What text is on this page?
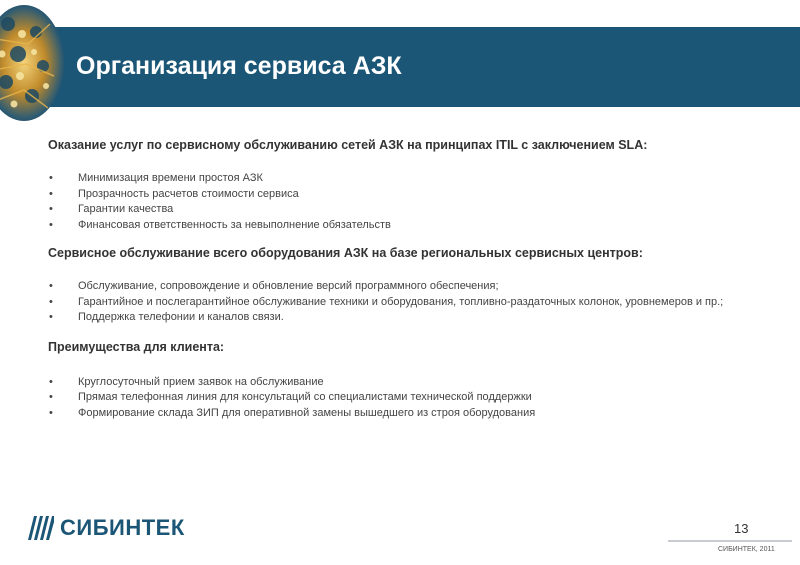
Организация сервиса АЗК

Оказание услуг по сервисному обслуживанию сетей АЗК на принципах ITIL с заключением SLA:

• Минимизация времени простоя АЗК
• Прозрачность расчетов стоимости сервиса
• Гарантии качества
• Финансовая ответственность за невыполнение обязательств

Сервисное обслуживание всего оборудования АЗК на базе региональных сервисных центров:

• Обслуживание, сопровождение и обновление версий программного обеспечения;
• Гарантийное и послегарантийное обслуживание техники и оборудования, топливно-раздаточных колонок, уровнемеров и пр.;
• Поддержка телефонии и каналов связи.

Преимущества для клиента:

• Круглосуточный прием заявок на обслуживание
• Прямая телефонная линия для консультаций со специалистами технической поддержки
• Формирование склада ЗИП для оперативной замены вышедшего из строя оборудования
СИБИНТЕК	13
СИБИНТЕК, 2011
